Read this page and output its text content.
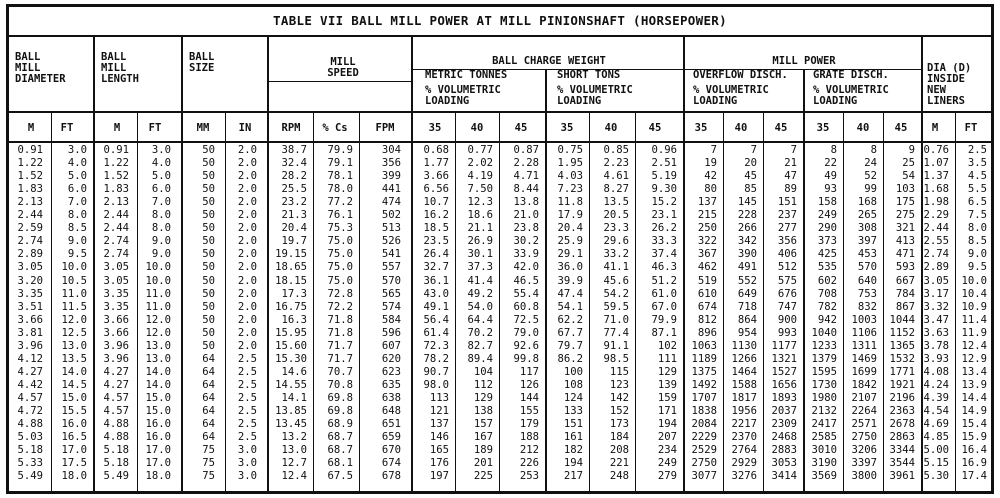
TABLE VII BALL MILL POWER AT MILL PINIONSHAFT (HORSEPOWER)
BALL
MILL
DIAMETER
BALL
MILL
LENGTH
BALL
SIZE	MILL
SPEED
BALL CHARGE WEIGHT
METRIC TONNES	SHORT TONS
% VOLUMETRIC
LOADING
% VOLUMETRIC
LOADING
MILL POWER
OVERFLOW DISCH. GRATE DISCH.
% VOLUMETRIC
LOADING
% VOLUMETRIC
LOADING
DIA (D)
INSIDE
NEW
LINERS
M	FT	M	FT	MM	IN	RPM	% Cs	FPM	35	40	45	35	40	45	35	40	45	35	40	45	M	FT
0.91	3.0	0.91	3.0	50	2.0	38.7	79.9	304	0.68	0.77	0.87	0.75	0.85	0.96	7	7	7	8	8	9 0.76	2.5
1.22	4.0	1.22	4.0	50	2.0	32.4	79.1	356	1.77	2.02	2.28	1.95	2.23	2.51	19	20	21	22	24	25 1.07	3.5
1.52	5.0	1.52	5.0	50	2.0	28.2	78.1	399	3.66	4.19	4.71	4.03	4.61	5.19	42	45	47	49	52	54 1.37	4.5
1.83	6.0	1.83	6.0	50	2.0	25.5	78.0	441	6.56	7.50	8.44	7.23	8.27	9.30	80	85	89	93	99	103 1.68	5.5
2.13	7.0	2.13	7.0	50	2.0	23.2	77.2	474	10.7	12.3	13.8	11.8	13.5	15.2	137	145	151	158	168	175 1.98	6.5
2.44	8.0	2.44	8.0	50	2.0	21.3	76.1	502	16.2	18.6	21.0	17.9	20.5	23.1	215	228	237	249	265	275 2.29	7.5
2.59	8.5	2.44	8.0	50	2.0	20.4	75.3	513	18.5	21.1	23.8	20.4	23.3	26.2	250	266	277	290	308	321 2.44	8.0
2.74	9.0	2.74	9.0	50	2.0	19.7	75.0	526	23.5	26.9	30.2	25.9	29.6	33.3	322	342	356	373	397	413 2.55	8.5
2.89	9.5	2.74	9.0	50	2.0	19.15	75.0	541	26.4	30.1	33.9	29.1	33.2	37.4	367	390	406	425	453	471 2.74	9.0
3.05	10.0	3.05	10.0	50	2.0	18.65	75.0	557	32.7	37.3	42.0	36.0	41.1	46.3	462	491	512	535	570	593 2.89	9.5
3.20	10.5	3.05	10.0	50	2.0	18.15	75.0	570	36.1	41.4	46.5	39.9	45.6	51.2	519	552	575	602	640	667 3.05	10.0
3.35	11.0	3.35	11.0	50	2.0	17.3	72.8	565	43.0	49.2	55.4	47.4	54.2	61.0	610	649	676	708	753	784 3.17	10.4
3.51	11.5	3.35	11.0	50	2.0	16.75	72.2	574	49.1	54.0	60.8	54.1	59.5	67.0	674	718	747	782	832	867 3.32	10.9
3.66	12.0	3.66	12.0	50	2.0	16.3	71.8	584	56.4	64.4	72.5	62.2	71.0	79.9	812	864	900	942	1003	1044 3.47	11.4
3.81	12.5	3.66	12.0	50	2.0	15.95	71.8	596	61.4	70.2	79.0	67.7	77.4	87.1	896	954	993	1040	1106	1152 3.63	11.9
3.96	13.0	3.96	13.0	50	2.0	15.60	71.7	607	72.3	82.7	92.6	79.7	91.1	102	1063	1130	1177	1233	1311	1365 3.78	12.4
4.12	13.5	3.96	13.0	64	2.5	15.30	71.7	620	78.2	89.4	99.8	86.2	98.5	111	1189	1266	1321	1379	1469	1532 3.93	12.9
4.27	14.0	4.27	14.0	64	2.5	14.6	70.7	623	90.7	104	117	100	115	129	1375	1464	1527	1595	1699	1771 4.08	13.4
4.42	14.5	4.27	14.0	64	2.5	14.55	70.8	635	98.0	112	126	108	123	139	1492	1588	1656	1730	1842	1921 4.24	13.9
4.57	15.0	4.57	15.0	64	2.5	14.1	69.8	638	113	129	144	124	142	159	1707	1817	1893	1980	2107	2196 4.39	14.4
4.72	15.5	4.57	15.0	64	2.5	13.85	69.8	648	121	138	155	133	152	171	1838	1956	2037	2132	2264	2363 4.54	14.9
4.88	16.0	4.88	16.0	64	2.5	13.45	68.9	651	137	157	179	151	173	194	2084	2217	2309	2417	2571	2678 4.69	15.4
5.03	16.5	4.88	16.0	64	2.5	13.2	68.7	659	146	167	188	161	184	207	2229	2370	2468	2585	2750	2863 4.85	15.9
5.18	17.0	5.18	17.0	75	3.0	13.0	68.7	670	165	189	212	182	208	234	2529	2764	2883	3010	3206	3344 5.00	16.4
5.33	17.5	5.18	17.0	75	3.0	12.7	68.1	674	176	201	226	194	221	249	2750	2929	3053	3190	3397	3544 5.15	16.9
5.49	18.0	5.49	18.0	75	3.0	12.4	67.5	678	197	225	253	217	248	279	3077	3276	3414	3569	3800	3961 5.30	17.4
